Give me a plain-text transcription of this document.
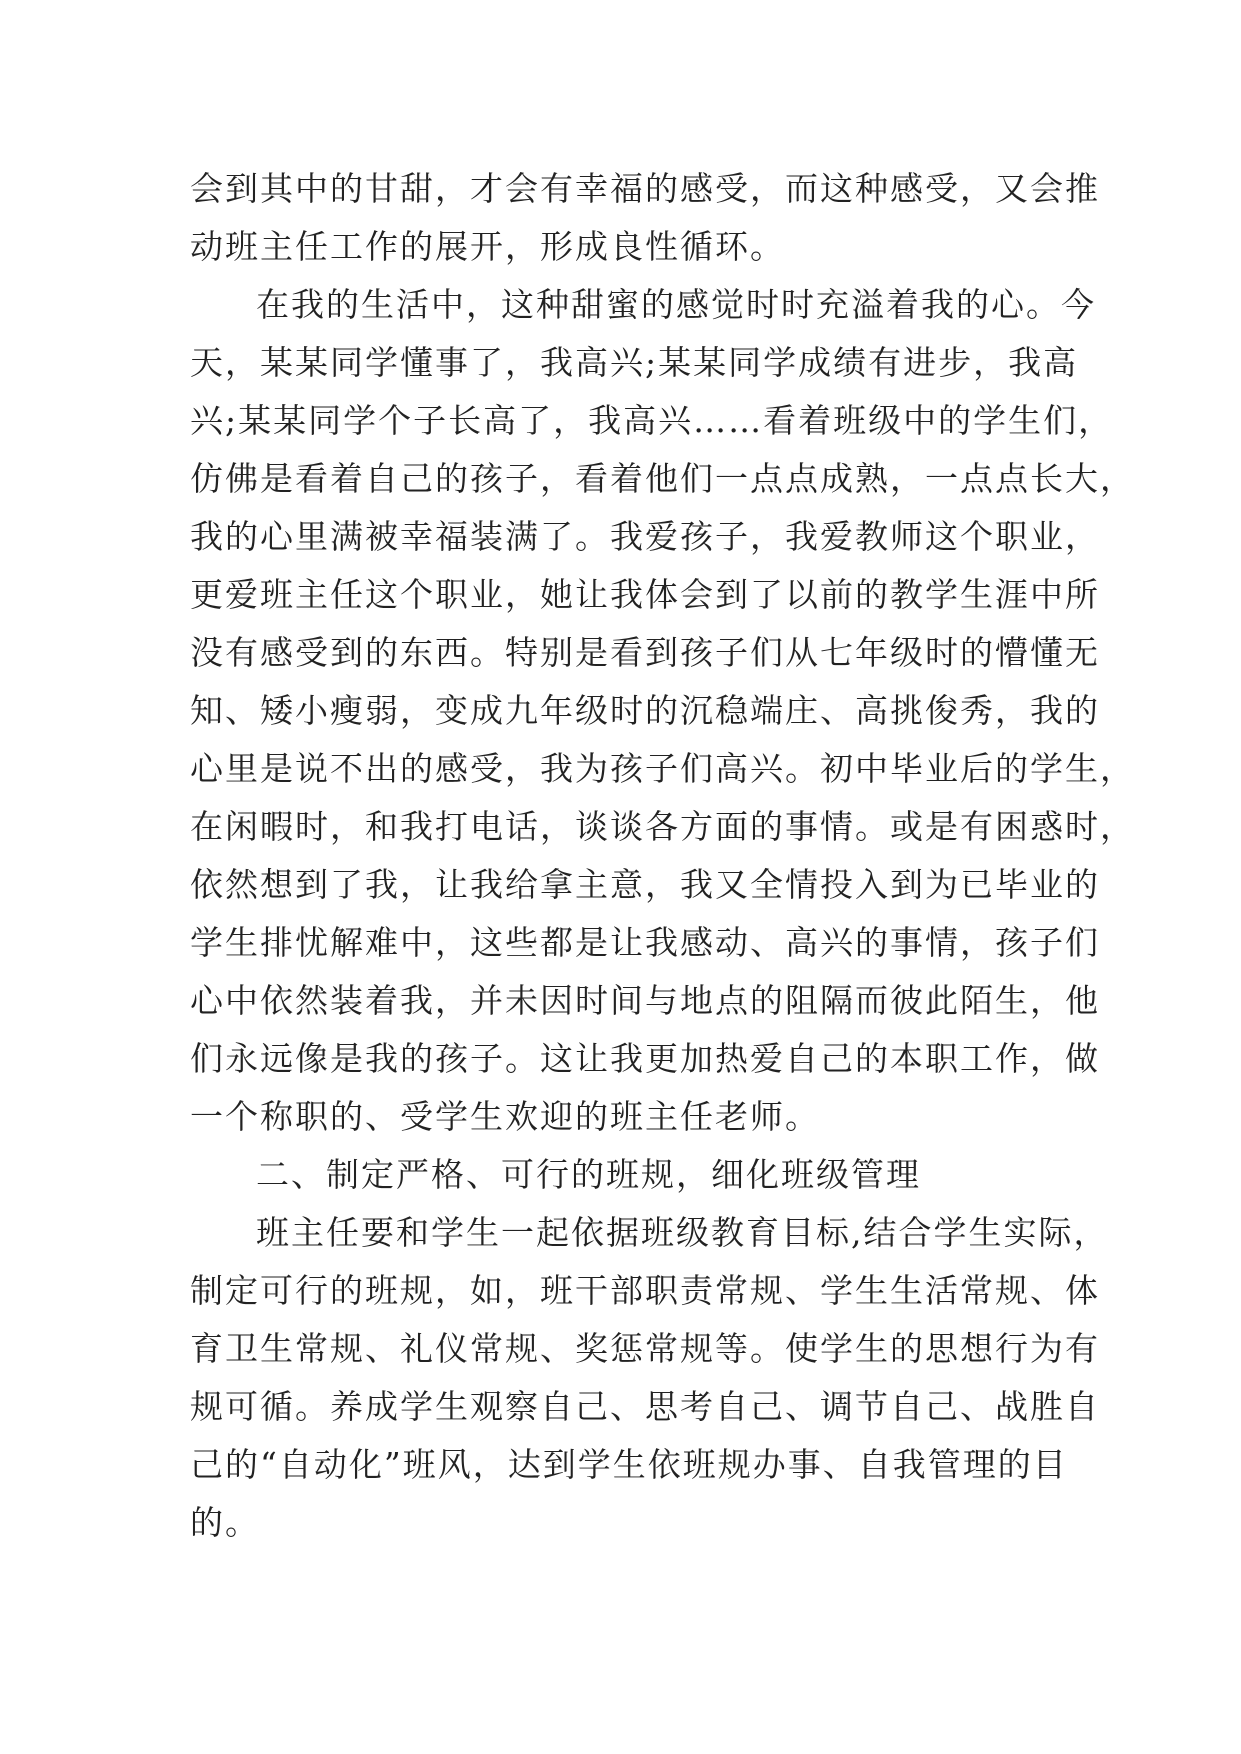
会到其中的甘甜，才会有幸福的感受，而这种感受，又会推
动班主任工作的展开，形成良性循环。
在我的生活中，这种甜蜜的感觉时时充溢着我的心。今
天，某某同学懂事了，我高兴;某某同学成绩有进步，我高
兴;某某同学个子长高了，我高兴……看着班级中的学生们，
仿佛是看着自己的孩子，看着他们一点点成熟，一点点长大，
我的心里满被幸福装满了。我爱孩子，我爱教师这个职业，
更爱班主任这个职业，她让我体会到了以前的教学生涯中所
没有感受到的东西。特别是看到孩子们从七年级时的懵懂无
知、矮小瘦弱，变成九年级时的沉稳端庄、高挑俊秀，我的
心里是说不出的感受，我为孩子们高兴。初中毕业后的学生，
在闲暇时，和我打电话，谈谈各方面的事情。或是有困惑时，
依然想到了我，让我给拿主意，我又全情投入到为已毕业的
学生排忧解难中，这些都是让我感动、高兴的事情，孩子们
心中依然装着我，并未因时间与地点的阻隔而彼此陌生，他
们永远像是我的孩子。这让我更加热爱自己的本职工作，做
一个称职的、受学生欢迎的班主任老师。
二、制定严格、可行的班规，细化班级管理
班主任要和学生一起依据班级教育目标,结合学生实际，
制定可行的班规，如，班干部职责常规、学生生活常规、体
育卫生常规、礼仪常规、奖惩常规等。使学生的思想行为有
规可循。养成学生观察自己、思考自己、调节自己、战胜自
己的“自动化”班风，达到学生依班规办事、自我管理的目
的。
